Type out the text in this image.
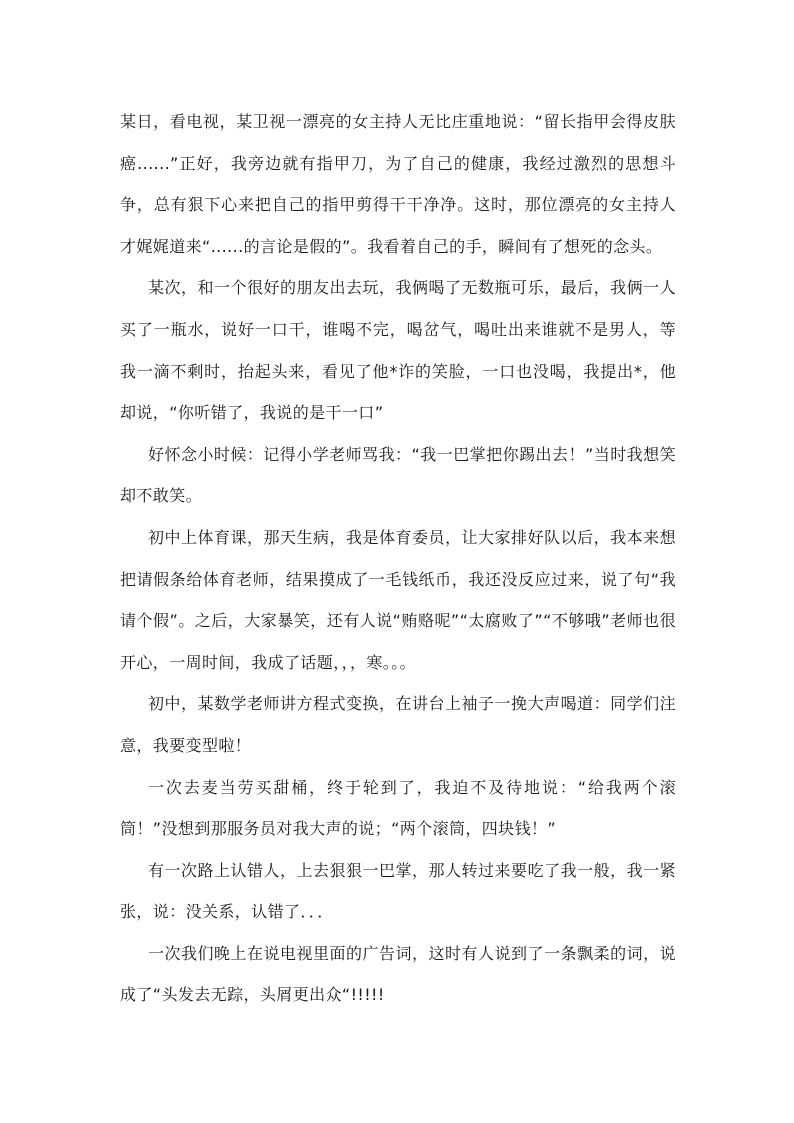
某日，看电视，某卫视一漂亮的女主持人无比庄重地说：“留长指甲会得皮肤癌......”正好，我旁边就有指甲刀，为了自己的健康，我经过激烈的思想斗争，总有狠下心来把自己的指甲剪得干干净净。这时，那位漂亮的女主持人才娓娓道来“......的言论是假的”。我看着自己的手，瞬间有了想死的念头。

某次，和一个很好的朋友出去玩，我俩喝了无数瓶可乐，最后，我俩一人买了一瓶水，说好一口干，谁喝不完，喝岔气，喝吐出来谁就不是男人，等我一滴不剩时，抬起头来，看见了他*诈的笑脸，一口也没喝，我提出*，他却说，“你听错了，我说的是干一口”

好怀念小时候：记得小学老师骂我：“我一巴掌把你踢出去！”当时我想笑却不敢笑。

初中上体育课，那天生病，我是体育委员，让大家排好队以后，我本来想把请假条给体育老师，结果摸成了一毛钱纸币，我还没反应过来，说了句“我请个假”。之后，大家暴笑，还有人说“贿赂呢”“太腐败了”“不够哦”老师也很开心，一周时间，我成了话题，，，寒。。。

初中，某数学老师讲方程式变换，在讲台上袖子一挽大声喝道：同学们注意，我要变型啦！

一次去麦当劳买甜桶，终于轮到了，我迫不及待地说：“给我两个滚筒！”没想到那服务员对我大声的说；“两个滚筒，四块钱！”

有一次路上认错人，上去狠狠一巴掌，那人转过来要吃了我一般，我一紧张，说：没关系，认错了．．．

一次我们晚上在说电视里面的广告词，这时有人说到了一条飘柔的词，说成了“头发去无踪，头屑更出众“!!!!!
